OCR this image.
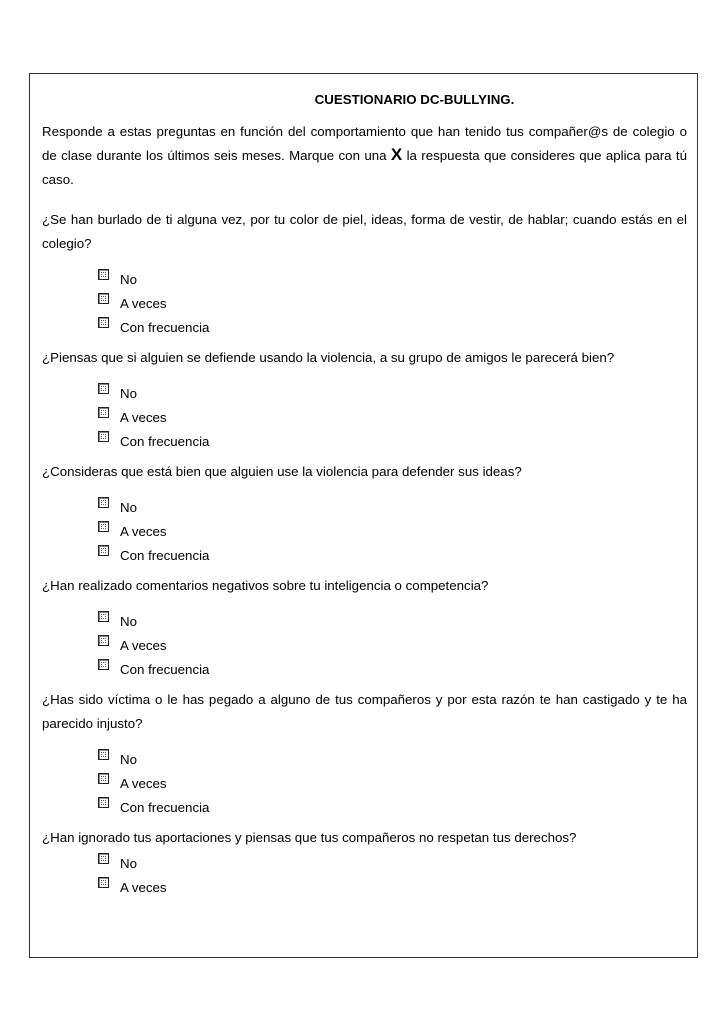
CUESTIONARIO DC-BULLYING.

Responde a estas preguntas en función del comportamiento que han tenido tus compañer@s de colegio o de clase durante los últimos seis meses. Marque con una X la respuesta que consideres que aplica para tú caso.

¿Se han burlado de ti alguna vez, por tu color de piel, ideas, forma de vestir, de hablar; cuando estás en el colegio?

No
A veces
Con frecuencia

¿Piensas que si alguien se defiende usando la violencia, a su grupo de amigos le parecerá bien?

No
A veces
Con frecuencia

¿Consideras que está bien que alguien use la violencia para defender sus ideas?

No
A veces
Con frecuencia

¿Han realizado comentarios negativos sobre tu inteligencia o competencia?

No
A veces
Con frecuencia

¿Has sido víctima o le has pegado a alguno de tus compañeros y por esta razón te han castigado y te ha parecido injusto?

No
A veces
Con frecuencia

¿Han ignorado tus aportaciones y piensas que tus compañeros no respetan tus derechos?

No
A veces
